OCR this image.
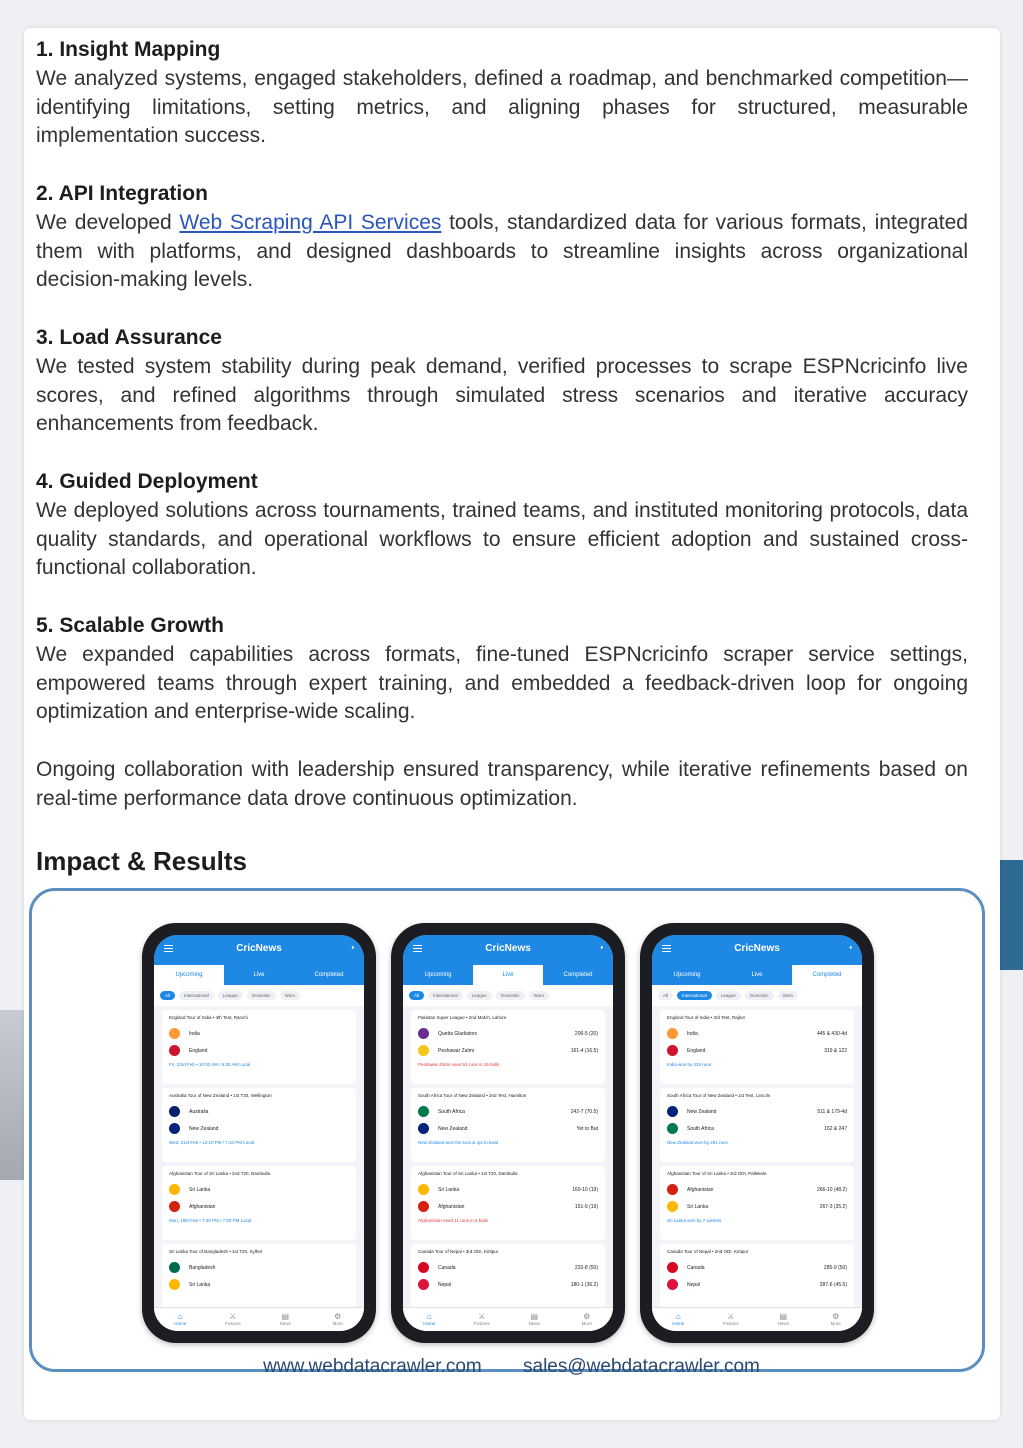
1. Insight Mapping
We analyzed systems, engaged stakeholders, defined a roadmap, and benchmarked competition—identifying limitations, setting metrics, and aligning phases for structured, measurable implementation success.
2. API Integration
We developed Web Scraping API Services tools, standardized data for various formats, integrated them with platforms, and designed dashboards to streamline insights across organizational decision-making levels.
3. Load Assurance
We tested system stability during peak demand, verified processes to scrape ESPNcricinfo live scores, and refined algorithms through simulated stress scenarios and iterative accuracy enhancements from feedback.
4. Guided Deployment
We deployed solutions across tournaments, trained teams, and instituted monitoring protocols, data quality standards, and operational workflows to ensure efficient adoption and sustained cross-functional collaboration.
5. Scalable Growth
We expanded capabilities across formats, fine-tuned ESPNcricinfo scraper service settings, empowered teams through expert training, and embedded a feedback-driven loop for ongoing optimization and enterprise-wide scaling.
Ongoing collaboration with leadership ensured transparency, while iterative refinements based on real-time performance data drove continuous optimization.
Impact & Results
CricNews	⬪
Upcoming	Live	Completed
All	International	League	Domestic	Wom
England Tour of India • 4th Test, Ranchi
India
England
Fri, 23rd Feb • 10:00 AM / 9:30 AM Local
Australia Tour of New Zealand • 1st T20, Wellington
Australia
New Zealand
Wed, 21st Feb • 12:10 PM / 7:10 PM Local
Afghanistan Tour of Sri Lanka • 2nd T20, Dambulla
Sri Lanka
Afghanistan
Mon, 19th Feb • 7:30 PM / 7:00 PM Local
Sri Lanka Tour of Bangladesh • 1st T20, Sylhet
Bangladesh
Sri Lanka
⌂
Home
⚔
Fixtures
▤
News
⚙
More
CricNews	⬪
Upcoming	Live	Completed
All	International	League	Domestic	Wom
Pakistan Super League • 2nd Match, Lahore
Quetta Gladiators	206-5 (20)
Peshawar Zalmi	161-4 (16.5)
Peshawar Zalmi need 51 runs in 19 balls
South Africa Tour of New Zealand • 2nd Test, Hamilton
South Africa	242-7 (70.5)
New Zealand	Yet to Bat
New Zealand won the toss & opt to bowl
Afghanistan Tour of Sri Lanka • 1st T20, Dambulla
Sri Lanka	160-10 (19)
Afghanistan	151-9 (19)
Afghanistan need 11 runs in 6 balls
Canada Tour of Nepal • 3rd ODI, Kirtipur
Canada	232-8 (50)
Nepal	180-1 (36.2)
⌂
Home
⚔
Fixtures
▤
News
⚙
More
CricNews	⬪
Upcoming	Live	Completed
All	International	League	Domestic	Wom
England Tour of India • 3rd Test, Rajkot
India	445 & 430-4d
England	319 & 122
India won by 434 runs
South Africa Tour of New Zealand • 1st Test, Lincoln
New Zealand	511 & 179-4d
South Africa	162 & 247
New Zealand won by 281 runs
Afghanistan Tour of Sri Lanka • 3rd ODI, Pallekele
Afghanistan	266-10 (48.2)
Sri Lanka	267-3 (35.2)
Sri Lanka won by 7 wickets
Canada Tour of Nepal • 2nd ODI, Kirtipur
Canada	285-9 (50)
Nepal	287-6 (45.5)
⌂
Home
⚔
Fixtures
▤
News
⚙
More
www.webdatacrawler.com sales@webdatacrawler.com
